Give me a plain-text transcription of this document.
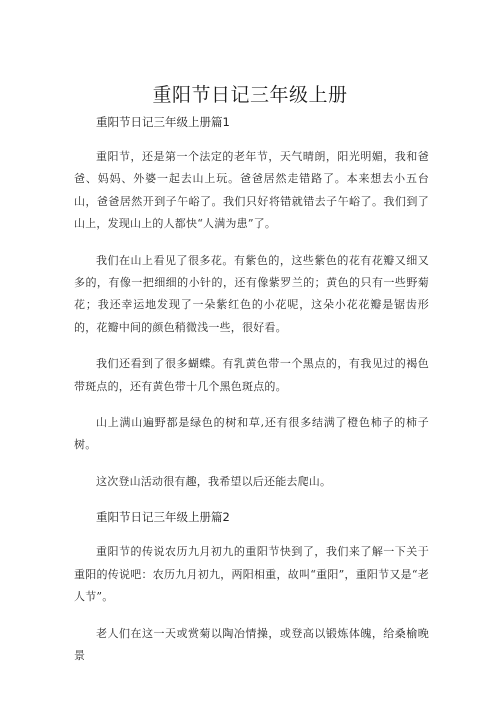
重阳节日记三年级上册

重阳节日记三年级上册篇1

重阳节，还是第一个法定的老年节，天气晴朗，阳光明媚，我和爸爸、妈妈、外婆一起去山上玩。爸爸居然走错路了。本来想去小五台山，爸爸居然开到子午峪了。我们只好将错就错去子午峪了。我们到了山上，发现山上的人都快“人满为患”了。

我们在山上看见了很多花。有紫色的，这些紫色的花有花瓣又细又多的，有像一把细细的小针的，还有像紫罗兰的；黄色的只有一些野菊花；我还幸运地发现了一朵紫红色的小花呢，这朵小花花瓣是锯齿形的，花瓣中间的颜色稍微浅一些，很好看。

我们还看到了很多蝴蝶。有乳黄色带一个黑点的，有我见过的褐色带斑点的，还有黄色带十几个黑色斑点的。

山上满山遍野都是绿色的树和草,还有很多结满了橙色柿子的柿子树。

这次登山活动很有趣，我希望以后还能去爬山。

重阳节日记三年级上册篇2

重阳节的传说农历九月初九的重阳节快到了，我们来了解一下关于重阳的传说吧：农历九月初九，两阳相重，故叫“重阳”，重阳节又是“老人节”。

老人们在这一天或赏菊以陶冶情操，或登高以锻炼体魄，给桑榆晚景
